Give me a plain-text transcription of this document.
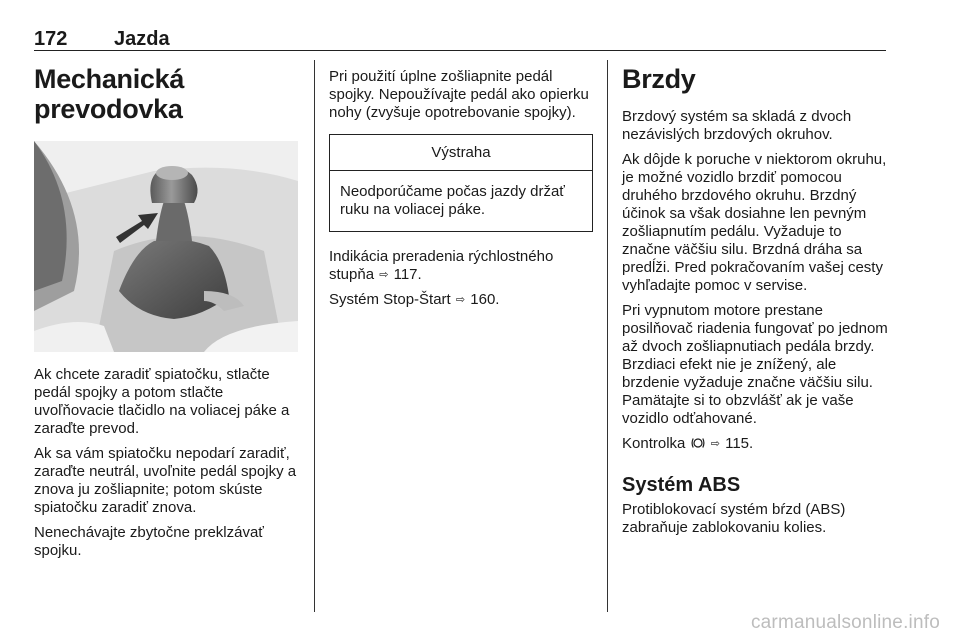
172 Jazda
Mechanická
prevodovka

Ak chcete zaradiť spiatočku, stlačte pedál spojky a potom stlačte uvoľňovacie tlačidlo na voliacej páke a zaraďte prevod.

Ak sa vám spiatočku nepodarí zaradiť, zaraďte neutrál, uvoľnite pedál spojky a znova ju zošliapnite; potom skúste spiatočku zaradiť znova.

Nenechávajte zbytočne preklzávať spojku.

Pri použití úplne zošliapnite pedál spojky. Nepoužívajte pedál ako opierku nohy (zvyšuje opotrebovanie spojky).

Výstraha
Neodporúčame počas jazdy držať ruku na voliacej páke.

Indikácia preradenia rýchlostného stupňa ⇨ 117.

Systém Stop-Štart ⇨ 160.

Brzdy

Brzdový systém sa skladá z dvoch nezávislých brzdových okruhov.

Ak dôjde k poruche v niektorom okruhu, je možné vozidlo brzdiť pomocou druhého brzdového okruhu. Brzdný účinok sa však dosiahne len pevným zošliapnutím pedálu. Vyžaduje to značne väčšiu silu. Brzdná dráha sa predĺži. Pred pokračovaním vašej cesty vyhľadajte pomoc v servise.

Pri vypnutom motore prestane posilňovač riadenia fungovať po jednom až dvoch zošliapnutiach pedála brzdy. Brzdiaci efekt nie je znížený, ale brzdenie vyžaduje značne väčšiu silu. Pamätajte si to obzvlášť ak je vaše vozidlo odťahované.

Kontrolka ⇨ 115.

Systém ABS

Protiblokovací systém bŕzd (ABS) zabraňuje zablokovaniu kolies.

carmanualsonline.info
